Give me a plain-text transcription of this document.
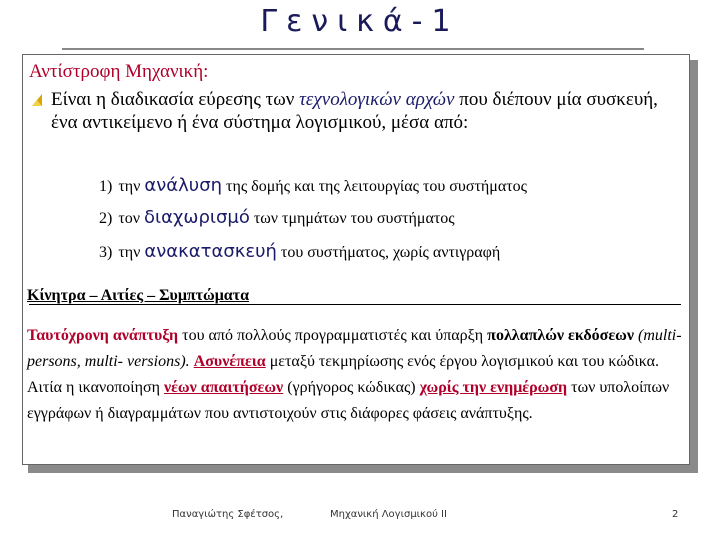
Γενικά-1
Αντίστροφη Μηχανική:
Είναι η διαδικασία εύρεσης των τεχνολογικών αρχών που διέπουν μία συσκευή, ένα αντικείμενο ή ένα σύστημα λογισμικού, μέσα από:
1) την ανάλυση της δομής και της λειτουργίας του συστήματος
2) τον διαχωρισμό των τμημάτων του συστήματος
3) την ανακατασκευή του συστήματος, χωρίς αντιγραφή
Κίνητρα – Αιτίες – Συμπτώματα
Ταυτόχρονη ανάπτυξη του από πολλούς προγραμματιστές και ύπαρξη πολλαπλών εκδόσεων (multi-persons, multi- versions). Ασυνέπεια μεταξύ τεκμηρίωσης ενός έργου λογισμικού και του κώδικα. Αιτία η ικανοποίηση νέων απαιτήσεων (γρήγορος κώδικας) χωρίς την ενημέρωση των υπολοίπων εγγράφων ή διαγραμμάτων που αντιστοιχούν στις διάφορες φάσεις ανάπτυξης.
Παναγιώτης Σφέτσος,	Μηχανική Λογισμικού ΙΙ	2
